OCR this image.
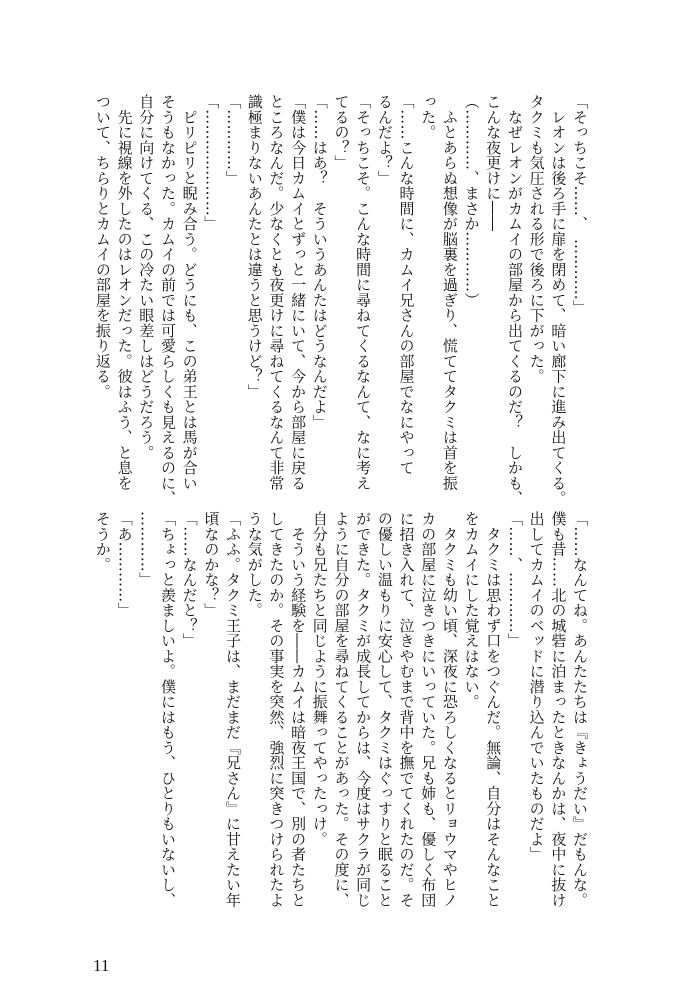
「そっちこそ……、　…………」
　レオンは後ろ手に扉を閉めて、暗い廊下に進み出てくる。
タクミも気圧される形で後ろに下がった。
　なぜレオンがカムイの部屋から出てくるのだ？　しかも、
こんな夜更けに――
（…………、まさか…………）
　ふとあらぬ想像が脳裏を過ぎり、慌ててタクミは首を振
った。
「……こんな時間に、カムイ兄さんの部屋でなにやって
るんだよ？」
「そっちこそ。こんな時間に尋ねてくるなんて、なに考え
てるの？」
「……はあ？　そういうあんたはどうなんだよ」
「僕は今日カムイとずっと一緒にいて、今から部屋に戻る
ところなんだ。少なくとも夜更けに尋ねてくるなんて非常
識極まりないあんたとは違うと思うけど？」
「…………」
「…………………」
　ピリピリと睨み合う。どうにも、この弟王とは馬が合い
そうもなかった。カムイの前では可愛らしくも見えるのに、
自分に向けてくる、この冷たい眼差しはどうだろう。
　先に視線を外したのはレオンだった。彼はふう、と息を
ついて、ちらりとカムイの部屋を振り返る。
「……なんてね。あんたたちは『きょうだい』だもんな。
僕も昔……北の城砦に泊まったときなんかは、夜中に抜け
出してカムイのベッドに潜り込んでいたものだよ」
「……、…………」
　タクミは思わず口をつぐんだ。無論、自分はそんなこと
をカムイにした覚えはない。
　タクミも幼い頃、深夜に恐ろしくなるとリョウマやヒノ
カの部屋に泣きつきにいっていた。兄も姉も、優しく布団
に招き入れて、泣きやむまで背中を撫でてくれたのだ。そ
の優しい温もりに安心して、タクミはぐっすりと眠ること
ができた。タクミが成長してからは、今度はサクラが同じ
ように自分の部屋を尋ねてくることがあった。その度に、
自分も兄たちと同じように振舞ってやったっけ。
　そういう経験を――カムイは暗夜王国で、別の者たちと
してきたのか。その事実を突然、強烈に突きつけられたよ
うな気がした。
「ふふ。タクミ王子は、まだまだ『兄さん』に甘えたい年
頃なのかな？」
「……なんだと？」
「ちょっと羨ましいよ。僕にはもう、ひとりもいないし、
…………」
「あ…………」
そうか。
11
